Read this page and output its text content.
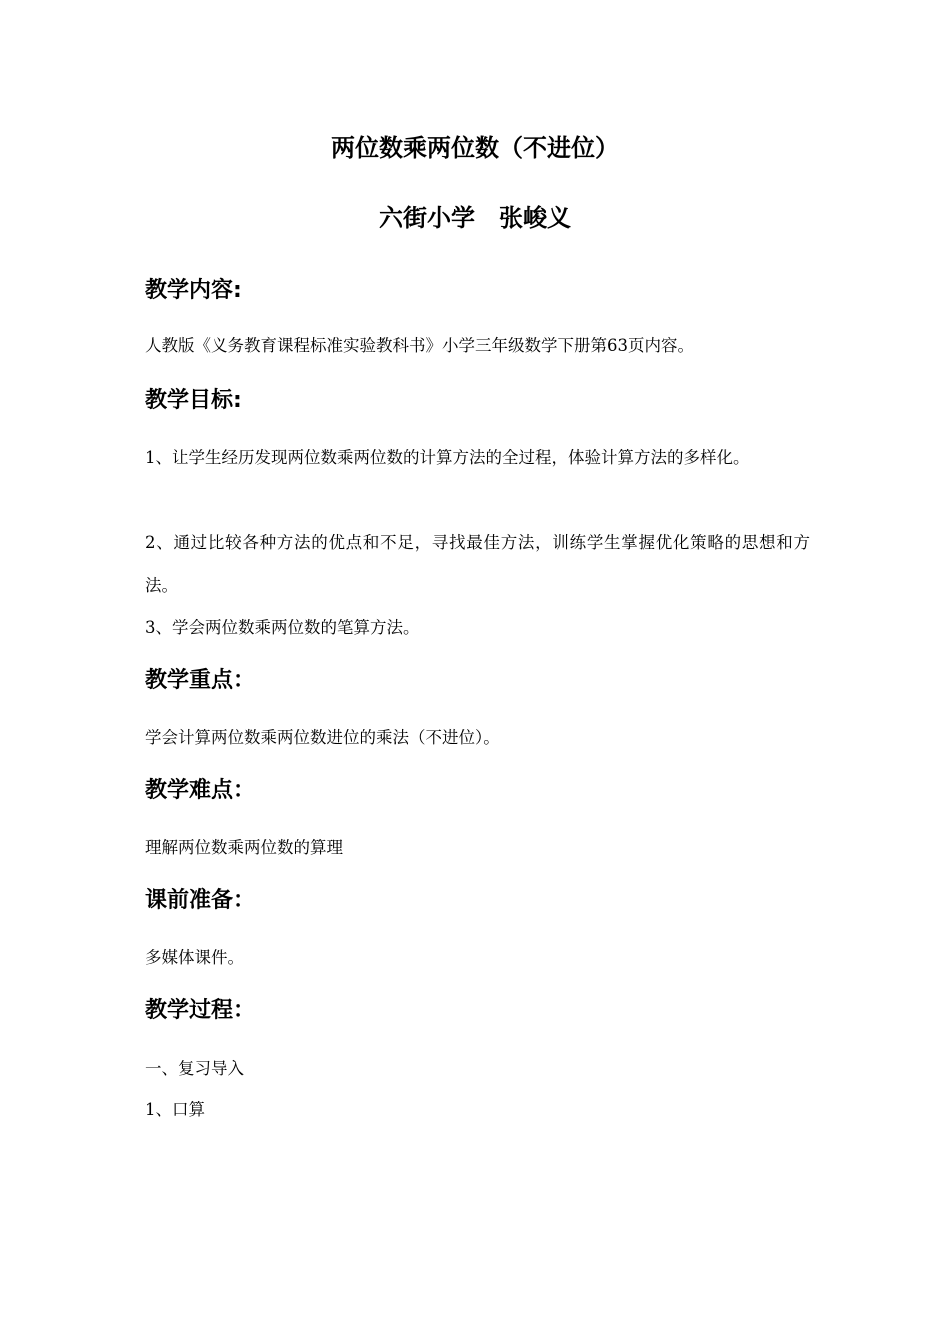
两位数乘两位数（不进位）
六街小学　张峻义
教学内容:
人教版《义务教育课程标准实验教科书》小学三年级数学下册第63页内容。
教学目标:
1、让学生经历发现两位数乘两位数的计算方法的全过程，体验计算方法的多样化。
2、通过比较各种方法的优点和不足，寻找最佳方法，训练学生掌握优化策略的思想和方法。
3、学会两位数乘两位数的笔算方法。
教学重点：
学会计算两位数乘两位数进位的乘法（不进位）。
教学难点：
理解两位数乘两位数的算理
课前准备：
多媒体课件。
教学过程：
一、复习导入
1、口算
